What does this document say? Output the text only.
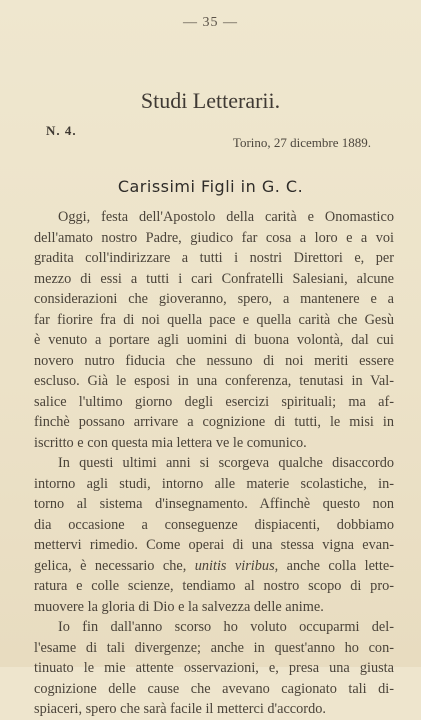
— 35 —
Studi Letterarii.
N. 4.
Torino, 27 dicembre 1889.
Carissimi Figli in G. C.
Oggi, festa dell'Apostolo della carità e Onomastico
dell'amato nostro Padre, giudico far cosa a loro e a voi
gradita coll'indirizzare a tutti i nostri Direttori e, per
mezzo di essi a tutti i cari Confratelli Salesiani, alcune
considerazioni che gioveranno, spero, a mantenere e a
far fiorire fra di noi quella pace e quella carità che Gesù
è venuto a portare agli uomini di buona volontà, dal cui
novero nutro fiducia che nessuno di noi meriti essere
escluso. Già le esposi in una conferenza, tenutasi in Val-
salice l'ultimo giorno degli esercizi spirituali; ma af-
finchè possano arrivare a cognizione di tutti, le misi in
iscritto e con questa mia lettera ve le comunico.
In questi ultimi anni si scorgeva qualche disaccordo
intorno agli studi, intorno alle materie scolastiche, in-
torno al sistema d'insegnamento. Affinchè questo non
dia occasione a conseguenze dispiacenti, dobbiamo
mettervi rimedio. Come operai di una stessa vigna evan-
gelica, è necessario che, unitis viribus, anche colla lette-
ratura e colle scienze, tendiamo al nostro scopo di pro-
muovere la gloria di Dio e la salvezza delle anime.
Io fin dall'anno scorso ho voluto occuparmi del-
l'esame di tali divergenze; anche in quest'anno ho con-
tinuato le mie attente osservazioni, e, presa una giusta
cognizione delle cause che avevano cagionato tali di-
spiaceri, spero che sarà facile il metterci d'accordo.
